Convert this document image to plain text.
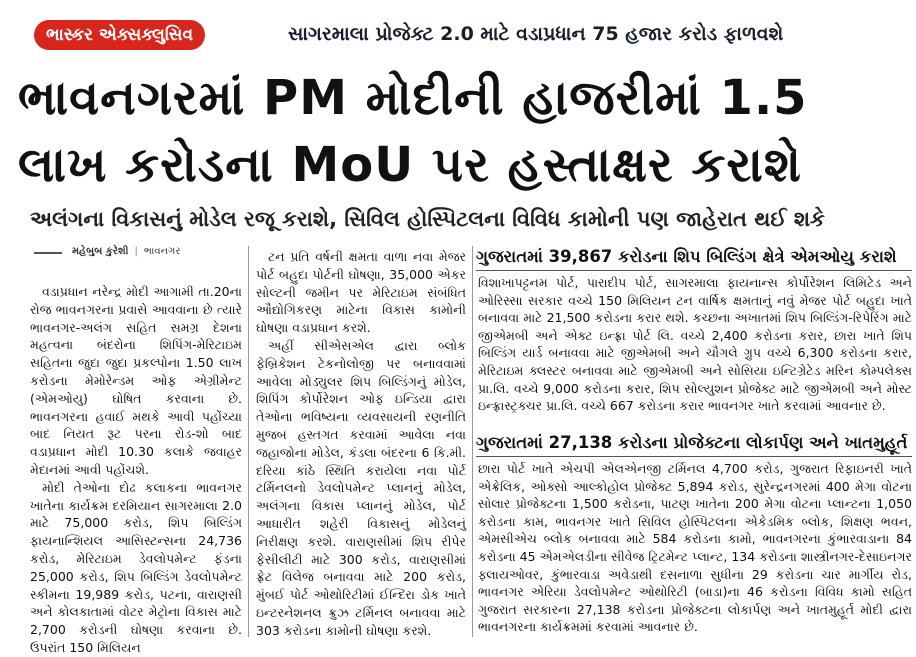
ભાસ્કર એક્સક્લુસિવ	સાગરમાલા પ્રોજેક્ટ 2.0 માટે વડાપ્રધાન 75 હજાર કરોડ ફાળવશે
ભાવનગરમાં PM મોદીની હાજરીમાં 1.5
લાખ કરોડના MoU પર હસ્તાક્ષર કરાશે
અલંગના વિકાસનું મોડેલ રજૂ કરાશે, સિવિલ હોસ્પિટલના વિવિધ કામોની પણ જાહેરાત થઈ શકે
મહેબુબ કુરેશી | ભાવનગર

વડાપ્રધાન નરેન્દ્ર મોદી આગામી તા.20ના રોજ ભાવનગરના પ્રવાસે આવવાના છે ત્યારે ભાવનગર-અલંગ સહિત સમગ્ર દેશના મહત્વના બંદરોના શિપિંગ-મેરિટાઇમ સહિતના જુદા જુદા પ્રકલ્પોના 1.50 લાખ કરોડના મેમોરેન્ડમ ઓફ એગ્રીમેન્ટ (એમઓયુ) ઘોષિત કરવાના છે. ભાવનગરના હવાઈ મથકે આવી પહોંચ્યા બાદ નિયત રૂટ પરના રોડ-શો બાદ વડાપ્રધાન મોદી 10.30 કલાકે જવાહર મેદાનમાં આવી પહોંચશે.

મોદી તેઓના દોઢ કલાકના ભાવનગર ખાતેના કાર્યક્રમ દરમિયાન સાગરમાલા 2.0 માટે 75,000 કરોડ, શિપ બિલ્ડિંગ ફાયનાન્શિયલ આસિસ્ટન્સના 24,736 કરોડ, મેરિટાઇમ ડેવલોપમેન્ટ ફંડના 25,000 કરોડ, શિપ બિલ્ડિંગ ડેવલોપમેન્ટ સ્કીમના 19,989 કરોડ, પટના, વારાણસી અને કોલકાતામાં વોટર મેટ્રોના વિકાસ માટે 2,700 કરોડની ઘોષણા કરવાના છે. ઉપરાંત 150 મિલિયન

ટન પ્રતિ વર્ષની ક્ષમતા વાળા નવા મેજર પોર્ટ બહુદા પોર્ટની ઘોષણા, 35,000 એકર સોલ્ટની જમીન પર મેરિટાઇમ સંબંધિત ઔદ્યોગિકરણ માટેના વિકાસ કામોની ઘોષણા વડાપ્રધાન કરશે.

અહીં સીએસએલ દ્વારા બ્લોક ફેબ્રિકેશન ટેકનોલોજી પર બનાવવામાં આવેલા મોડ્યુલર શિપ બિલ્ડિંગનું મોડેલ, શિપિંગ કોર્પોરેશન ઓફ ઇન્ડિયા દ્વારા તેઓના ભવિષ્યના વ્યવસાયની રણનીતિ મુજબ હસ્તગત કરવામાં આવેલા નવા જહાજોના મોડેલ, કંડલા બંદરના 6 કિ.મી. દરિયા કાંઠે સ્થિતિ કરાયેલા નવા પોર્ટ ટર્મિનલનો ડેવલોપમેન્ટ પ્લાનનું મોડેલ, અલંગના વિકાસ પ્લાનનું મોડેલ, પોર્ટ આધારીત શહેરી વિકાસનું મોડેલનું નિરીક્ષણ કરશે. વારાણસીમાં શિપ રીપેર ફેસીલીટી માટે 300 કરોડ, વારાણસીમાં ફ્રેટ વિલેજ બનાવવા માટે 200 કરોડ, મુંબઈ પોર્ટ ઓથોરિટીમાં ઈન્દિરા ડોક ખાતે ઇન્ટરનેશનલ ક્રુઝ ટર્મિનલ બનાવવા માટે 303 કરોડના કામોની ઘોષણા કરશે.

ગુજરાતમાં 39,867 કરોડના શિપ બિલ્ડિંગ ક્ષેત્રે એમઓયુ કરાશે
વિશાખાપટ્ટનમ પોર્ટ, પારાદીપ પોર્ટ, સાગરમાલા ફાયનાન્સ કોર્પોરેશન લિમિટેડ અને ઓરિસ્સા સરકાર વચ્ચે 150 મિલિયન ટન વાર્ષિક ક્ષમતાનું નવું મેજર પોર્ટ બહુદા ખાતે બનાવવા માટે 21,500 કરોડના કરાર થશે. કચ્છના અખાતમાં શિપ બિલ્ડિંગ-રિપેરિંગ માટે જીએમબી અને એક્ટ ઇન્ફ્રા પોર્ટ લિ. વચ્ચે 2,400 કરોડના કરાર, છારા ખાતે શિપ બિલ્ડિંગ યાર્ડ બનાવવા માટે જીએમબી અને ચૌગલે ગ્રુપ વચ્ચે 6,300 કરોડના કરાર, મેરિટાઇમ ક્લસ્ટર બનાવવા માટે જીએમબી અને સોસિયા ઇન્ટિગ્રેટેડ મરિન કોમ્પલેક્સ પ્રા.લિ. વચ્ચે 9,000 કરોડના કરાર, શિપ સોલ્યુશન પ્રોજેક્ટ માટે જીએમબી અને મોસ્ટ ઇન્ફ્રાસ્ટ્રક્ચર પ્રા.લિ. વચ્ચે 667 કરોડના કરાર ભાવનગર ખાતે કરવામાં આવનાર છે.
ગુજરાતમાં 27,138 કરોડના પ્રોજેક્ટના લોકાર્પણ અને ખાતમુહૂર્ત
છારા પોર્ટ ખાતે એચપી એલએનજી ટર્મિનલ 4,700 કરોડ, ગુજરાત રિફાઇનરી ખાતે એક્રેલિક, ઓક્સો આલ્કોહોલ પ્રોજેક્ટ 5,894 કરોડ, સુરેન્દ્રનગરમાં 400 મેગા વોટના સોલાર પ્રોજેક્ટના 1,500 કરોડના, પાટણ ખાતેના 200 મેગા વોટના પ્લાન્ટના 1,050 કરોડના કામ, ભાવનગર ખાતે સિવિલ હોસ્પિટલના એકેડમિક બ્લોક, શિક્ષણ ભવન, એમસીએચ બ્લોક બનાવવા માટે 584 કરોડના કામો, ભાવનગરના કુંભારવાડાના 84 કરોડના 45 એમએલડીના સીવેજ ટ્રિટમેન્ટ પ્લાન્ટ, 134 કરોડના શાસ્ત્રીનગર-દેસાઇનગર ફ્લાયઓવર, કુંભારવાડા અવેડાથી દસનાળા સુધીના 29 કરોડના ચાર માર્ગીય રોડ, ભાવનગર એરિયા ડેવલોપમેન્ટ ઓથોરિટી (બાડા)ના 46 કરોડના વિવિધ કામો સહિત ગુજરાત સરકારના 27,138 કરોડના પ્રોજેક્ટના લોકાર્પણ અને ખાતમુહૂર્ત મોદી દ્વારા ભાવનગરના કાર્યક્રમમાં કરવામાં આવનાર છે.
